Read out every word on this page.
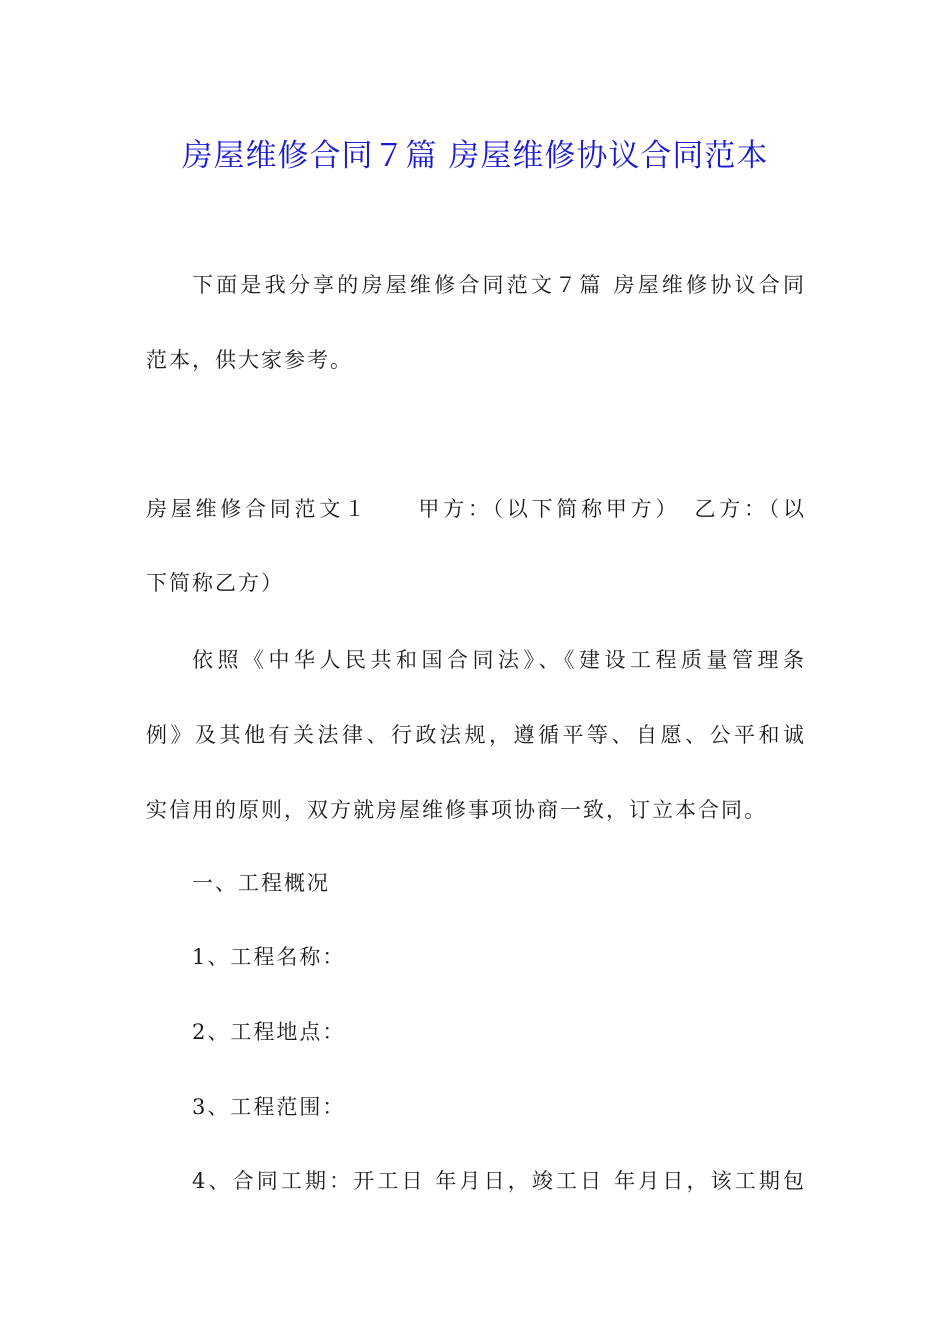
房屋维修合同７篇 房屋维修协议合同范本
下面是我分享的房屋维修合同范文７篇 房屋维修协议合同
范本，供大家参考。
房屋维修合同范文１　　甲方：（以下简称甲方）　乙方：（以
下简称乙方）
依照《中华人民共和国合同法》、《建设工程质量管理条
例》及其他有关法律、行政法规，遵循平等、自愿、公平和诚
实信用的原则，双方就房屋维修事项协商一致，订立本合同。
一、工程概况
1、工程名称：
2、工程地点：
3、工程范围：
4、合同工期：开工日 年月日，竣工日 年月日，该工期包
